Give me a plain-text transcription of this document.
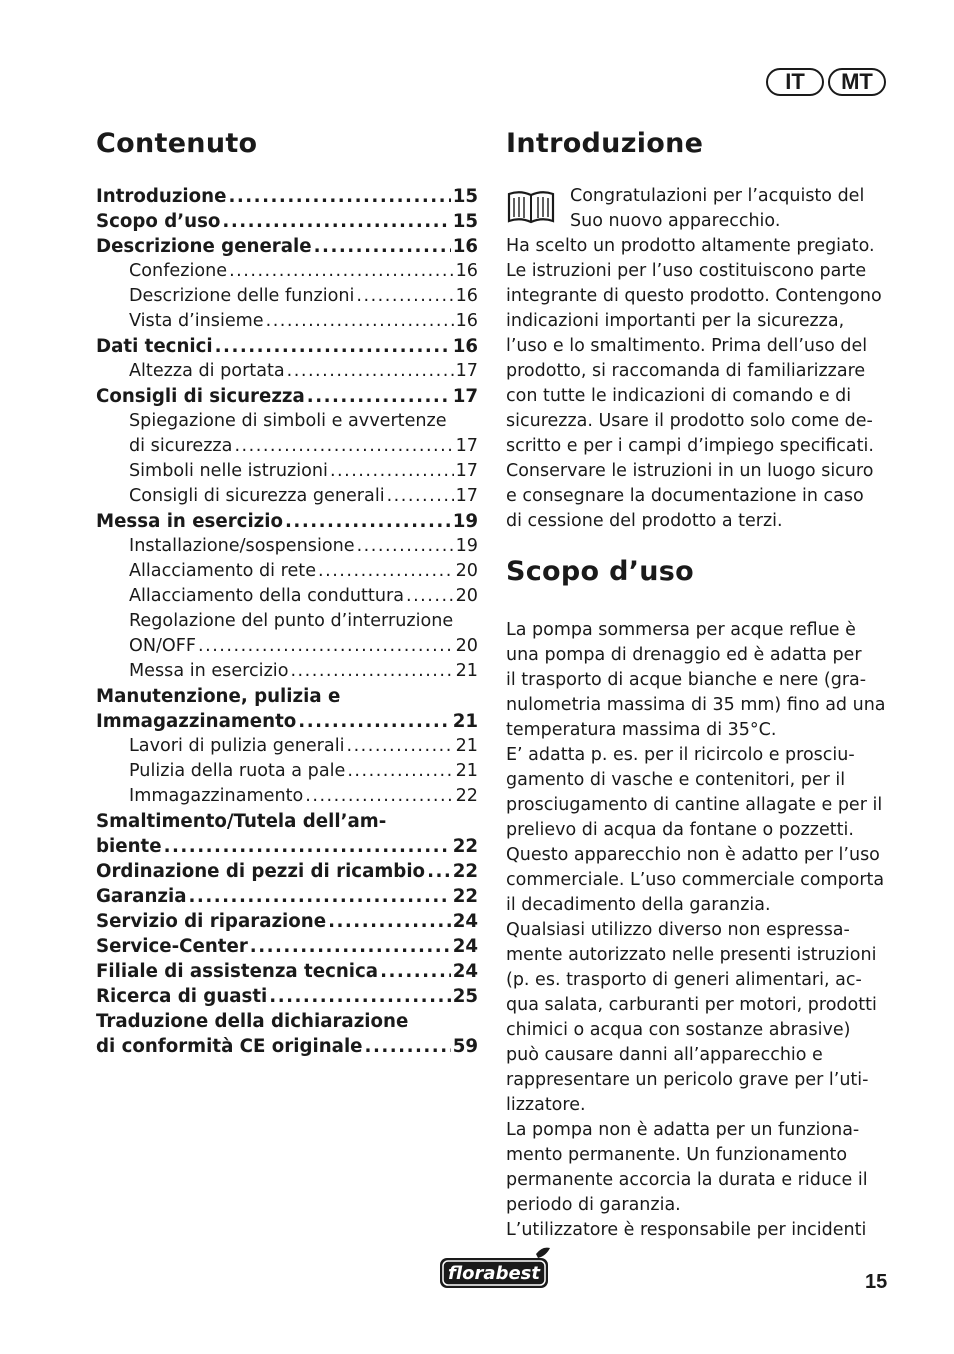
IT	MT
Contenuto
Introduzione .....	15
Scopo d’uso .....	15
Descrizione generale .....	16
Confezione .....	16
Descrizione delle funzioni .....	16
Vista d’insieme .....	16
Dati tecnici .....	16
Altezza di portata .....	17
Consigli di sicurezza .....	17
Spiegazione di simboli e avvertenze
di sicurezza .....	17
Simboli nelle istruzioni .....	17
Consigli di sicurezza generali .....	17
Messa in esercizio .....	19
Installazione/sospensione .....	19
Allacciamento di rete .....	20
Allacciamento della conduttura .....	20
Regolazione del punto d’interruzione
ON/OFF .....	20
Messa in esercizio .....	21
Manutenzione, pulizia e
Immagazzinamento .....	21
Lavori di pulizia generali .....	21
Pulizia della ruota a pale .....	21
Immagazzinamento .....	22
Smaltimento/Tutela dell’am-
biente .....	22
Ordinazione di pezzi di ricambio ..... 22
Garanzia .....	22
Servizio di riparazione .....	24
Service-Center .....	24
Filiale di assistenza tecnica .....	24
Ricerca di guasti .....	25
Traduzione della dichiarazione
di conformità CE originale .....	59
Introduzione
Congratulazioni per l’acquisto del
Suo nuovo apparecchio.
Ha scelto un prodotto altamente pregiato.
Le istruzioni per l’uso costituiscono parte
integrante di questo prodotto. Contengono
indicazioni importanti per la sicurezza,
l’uso e lo smaltimento. Prima dell’uso del
prodotto, si raccomanda di familiarizzare
con tutte le indicazioni di comando e di
sicurezza. Usare il prodotto solo come de-
scritto e per i campi d’impiego specificati.
Conservare le istruzioni in un luogo sicuro
e consegnare la documentazione in caso
di cessione del prodotto a terzi.
Scopo d’uso
La pompa sommersa per acque reflue è
una pompa di drenaggio ed è adatta per
il trasporto di acque bianche e nere (gra-
nulometria massima di 35 mm) fino ad una
temperatura massima di 35°C.
E’ adatta p. es. per il ricircolo e prosciu-
gamento di vasche e contenitori, per il
prosciugamento di cantine allagate e per il
prelievo di acqua da fontane o pozzetti.
Questo apparecchio non è adatto per l’uso
commerciale. L’uso commerciale comporta
il decadimento della garanzia.
Qualsiasi utilizzo diverso non espressa-
mente autorizzato nelle presenti istruzioni
(p. es. trasporto di generi alimentari, ac-
qua salata, carburanti per motori, prodotti
chimici o acqua con sostanze abrasive)
può causare danni all’apparecchio e
rappresentare un pericolo grave per l’uti-
lizzatore.
La pompa non è adatta per un funziona-
mento permanente. Un funzionamento
permanente accorcia la durata e riduce il
periodo di garanzia.
L’utilizzatore è responsabile per incidenti
florabest	15
